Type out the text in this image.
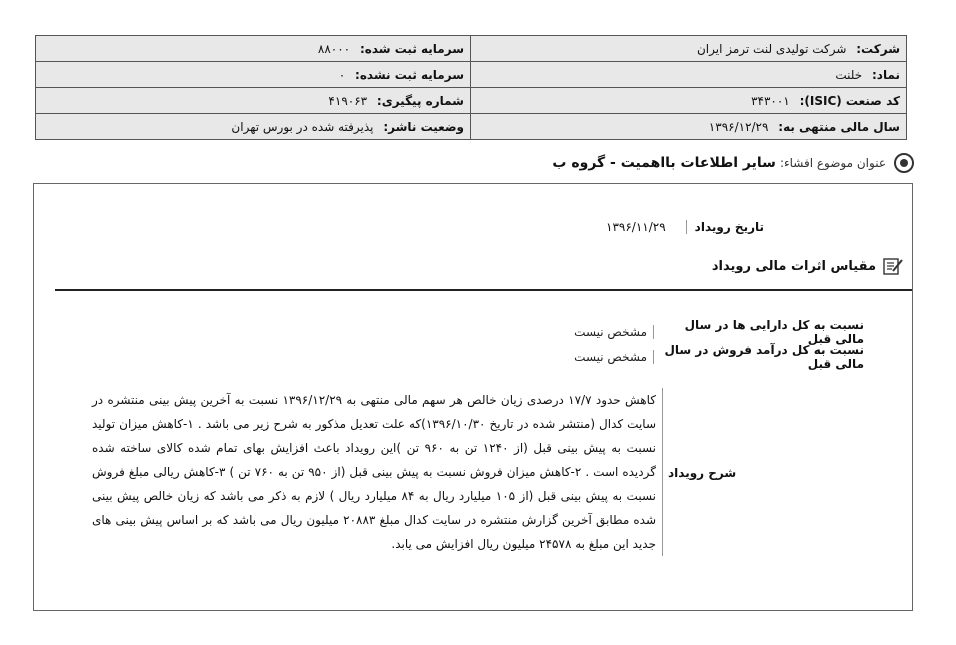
شرکت: شرکت تولیدی لنت ترمز ایران	سرمایه ثبت شده: ۸۸۰۰۰
نماد: خلنت	سرمایه ثبت نشده: ۰
کد صنعت (ISIC): ۳۴۳۰۰۱	شماره پیگیری: ۴۱۹۰۶۳
سال مالی منتهی به: ۱۳۹۶/۱۲/۲۹	وضعیت ناشر: پذیرفته شده در بورس تهران
عنوان موضوع افشاء:
سایر اطلاعات بااهمیت - گروه ب
تاریخ رویداد
۱۳۹۶/۱۱/۲۹
مقیاس اثرات مالی رویداد
نسبت به کل دارایی ها در سال مالی قبل
مشخص نیست
نسبت به کل درآمد فروش در سال مالی قبل
مشخص نیست
شرح رویداد
کاهش حدود ۱۷/۷ درصدی زیان خالص هر سهم مالی منتهی به ۱۳۹۶/۱۲/۲۹ نسبت به آخرین پیش بینی منتشره در سایت کدال (منتشر شده در تاریخ ۱۳۹۶/۱۰/۳۰)که علت تعدیل مذکور به شرح زیر می باشد . ۱-کاهش میزان تولید نسبت به پیش بینی قبل (از ۱۲۴۰ تن به ۹۶۰ تن )این رویداد باعث افزایش بهای تمام شده کالای ساخته شده گردیده است . ۲-کاهش میزان فروش نسبت به پیش بینی قبل (از ۹۵۰ تن به ۷۶۰ تن ) ۳-کاهش ریالی مبلغ فروش نسبت به پیش بینی قبل (از ۱۰۵ میلیارد ریال به ۸۴ میلیارد ریال ) لازم به ذکر می باشد که زیان خالص پیش بینی شده مطابق آخرین گزارش منتشره در سایت کدال مبلغ ۲۰۸۸۳ میلیون ریال می باشد که بر اساس پیش بینی های جدید این مبلغ به ۲۴۵۷۸ میلیون ریال افزایش می یابد.
